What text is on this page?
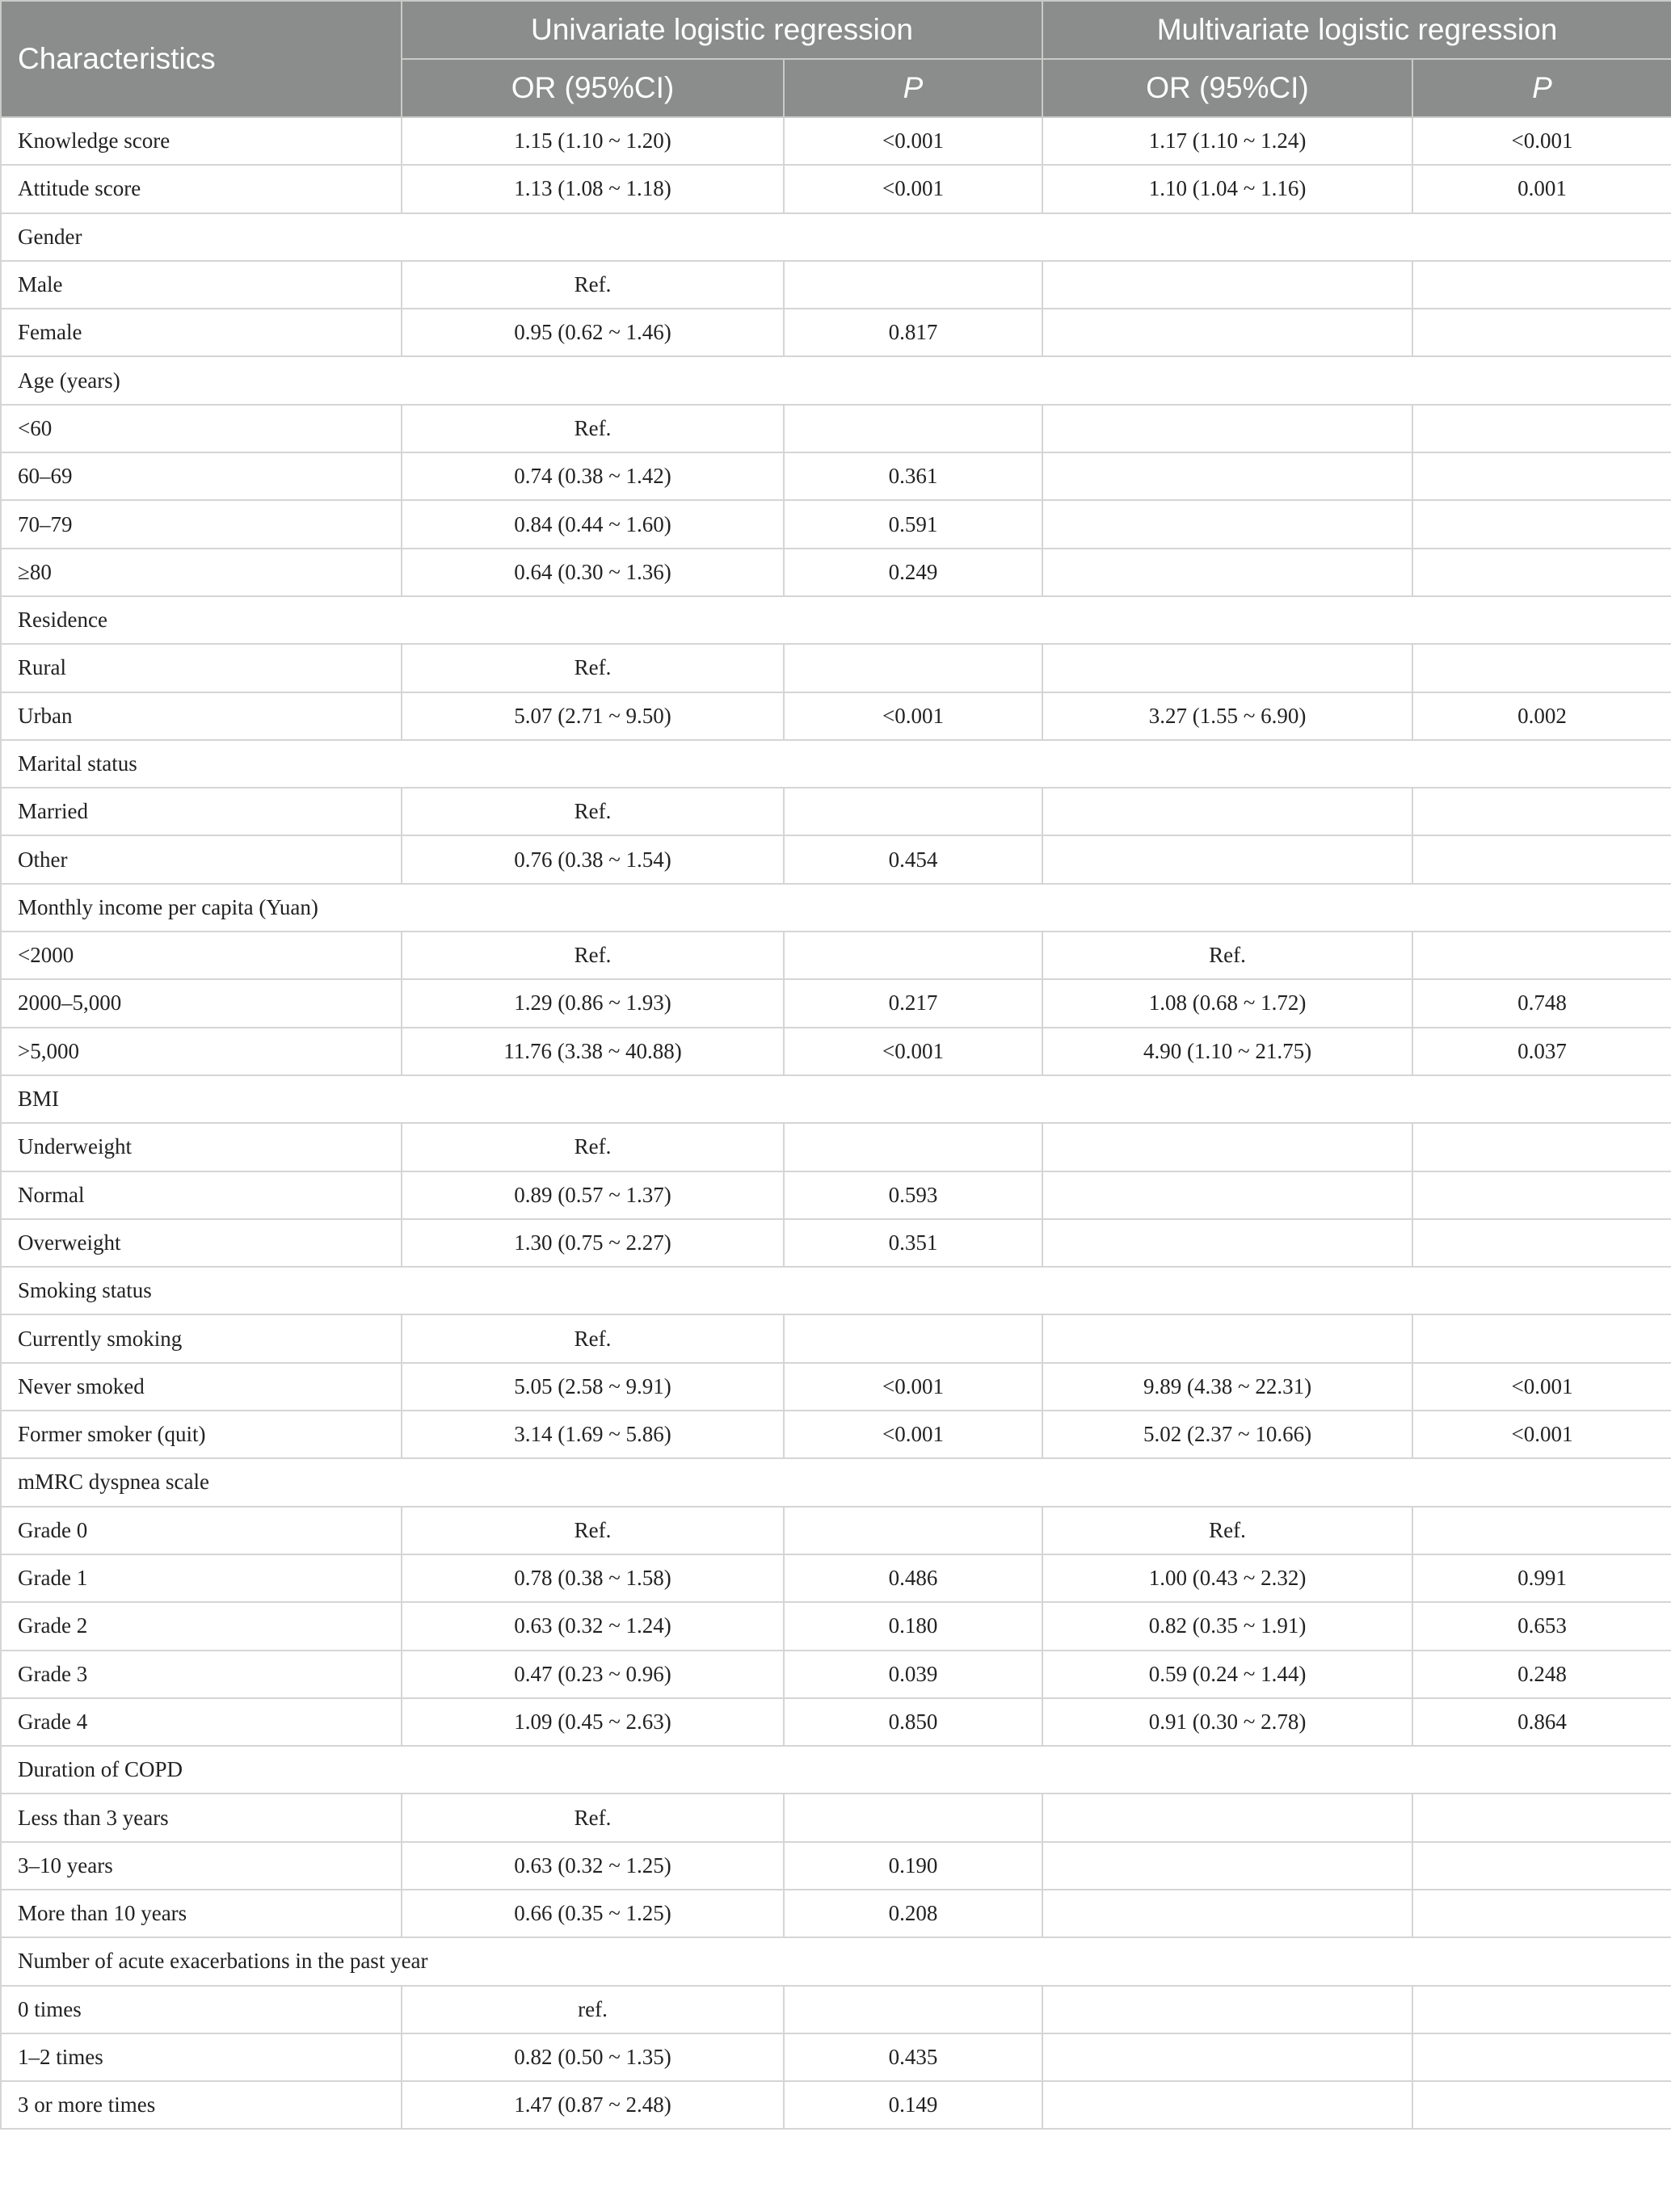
Characteristics	Univariate logistic regression		Multivariate logistic regression	
	OR (95%CI)	P	OR (95%CI)	P
Knowledge score	1.15 (1.10 ~ 1.20)	<0.001	1.17 (1.10 ~ 1.24)	<0.001
Attitude score	1.13 (1.08 ~ 1.18)	<0.001	1.10 (1.04 ~ 1.16)	0.001
Gender				
Male	Ref.			
Female	0.95 (0.62 ~ 1.46)	0.817		
Age (years)				
<60	Ref.			
60–69	0.74 (0.38 ~ 1.42)	0.361		
70–79	0.84 (0.44 ~ 1.60)	0.591		
≥80	0.64 (0.30 ~ 1.36)	0.249		
Residence				
Rural	Ref.			
Urban	5.07 (2.71 ~ 9.50)	<0.001	3.27 (1.55 ~ 6.90)	0.002
Marital status				
Married	Ref.			
Other	0.76 (0.38 ~ 1.54)	0.454		
Monthly income per capita (Yuan)				
<2000	Ref.		Ref.	
2000–5,000	1.29 (0.86 ~ 1.93)	0.217	1.08 (0.68 ~ 1.72)	0.748
>5,000	11.76 (3.38 ~ 40.88)	<0.001	4.90 (1.10 ~ 21.75)	0.037
BMI				
Underweight	Ref.			
Normal	0.89 (0.57 ~ 1.37)	0.593		
Overweight	1.30 (0.75 ~ 2.27)	0.351		
Smoking status				
Currently smoking	Ref.			
Never smoked	5.05 (2.58 ~ 9.91)	<0.001	9.89 (4.38 ~ 22.31)	<0.001
Former smoker (quit)	3.14 (1.69 ~ 5.86)	<0.001	5.02 (2.37 ~ 10.66)	<0.001
mMRC dyspnea scale				
Grade 0	Ref.		Ref.	
Grade 1	0.78 (0.38 ~ 1.58)	0.486	1.00 (0.43 ~ 2.32)	0.991
Grade 2	0.63 (0.32 ~ 1.24)	0.180	0.82 (0.35 ~ 1.91)	0.653
Grade 3	0.47 (0.23 ~ 0.96)	0.039	0.59 (0.24 ~ 1.44)	0.248
Grade 4	1.09 (0.45 ~ 2.63)	0.850	0.91 (0.30 ~ 2.78)	0.864
Duration of COPD				
Less than 3 years	Ref.			
3–10 years	0.63 (0.32 ~ 1.25)	0.190		
More than 10 years	0.66 (0.35 ~ 1.25)	0.208		
Number of acute exacerbations in the past year				
0 times	ref.			
1–2 times	0.82 (0.50 ~ 1.35)	0.435		
3 or more times	1.47 (0.87 ~ 2.48)	0.149		
